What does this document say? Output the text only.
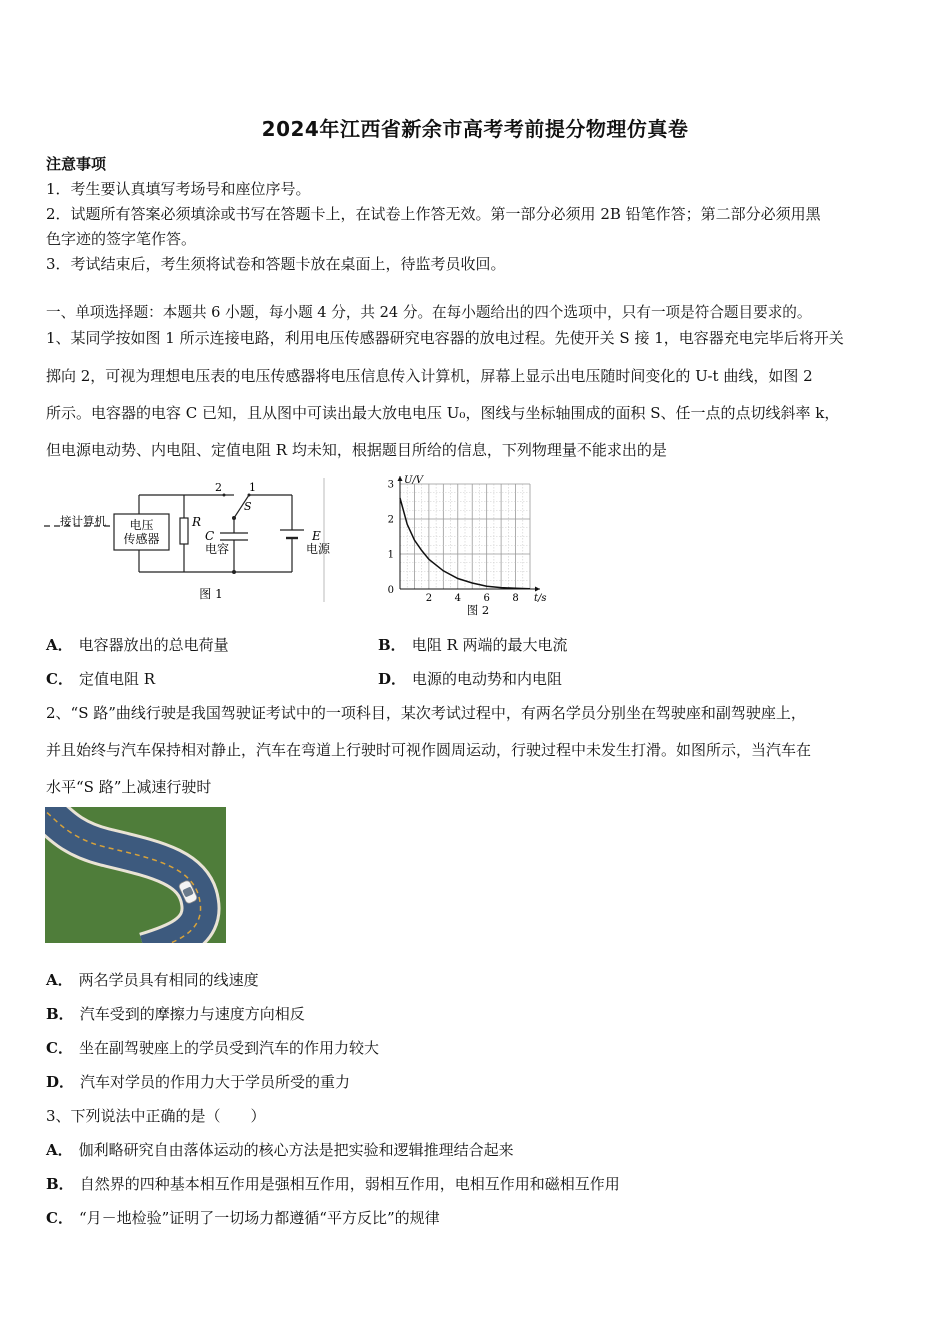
2024年江西省新余市高考考前提分物理仿真卷
注意事项
1．考生要认真填写考场号和座位序号。
2．试题所有答案必须填涂或书写在答题卡上，在试卷上作答无效。第一部分必须用 2B 铅笔作答；第二部分必须用黑
色字迹的签字笔作答。
3．考试结束后，考生须将试卷和答题卡放在桌面上，待监考员收回。
一、单项选择题：本题共 6 小题，每小题 4 分，共 24 分。在每小题给出的四个选项中，只有一项是符合题目要求的。
1、某同学按如图 1 所示连接电路，利用电压传感器研究电容器的放电过程。先使开关 S 接 1，电容器充电完毕后将开关
掷向 2，可视为理想电压表的电压传感器将电压信息传入计算机，屏幕上显示出电压随时间变化的 U-t 曲线，如图 2
所示。电容器的电容 C 已知，且从图中可读出最大放电电压 U₀，图线与坐标轴围成的面积 S、任一点的点切线斜率 k，
但电源电动势、内电阻、定值电阻 R 均未知，根据题目所给的信息，下列物理量不能求出的是
接计算机 电压
传感器
R
C
电容
E
电源
S
2 1
图 1	2 4 6 8
1
2
3
0
U/V
t/s
图 2
A． 电容器放出的总电荷量	B． 电阻 R 两端的最大电流
C． 定值电阻 R	D． 电源的电动势和内电阻
2、“S 路”曲线行驶是我国驾驶证考试中的一项科目，某次考试过程中，有两名学员分别坐在驾驶座和副驾驶座上，
并且始终与汽车保持相对静止，汽车在弯道上行驶时可视作圆周运动，行驶过程中未发生打滑。如图所示，当汽车在
水平“S 路”上减速行驶时
A． 两名学员具有相同的线速度
B． 汽车受到的摩擦力与速度方向相反
C． 坐在副驾驶座上的学员受到汽车的作用力较大
D． 汽车对学员的作用力大于学员所受的重力
3、下列说法中正确的是（　　）
A． 伽利略研究自由落体运动的核心方法是把实验和逻辑推理结合起来
B． 自然界的四种基本相互作用是强相互作用，弱相互作用，电相互作用和磁相互作用
C． “月－地检验”证明了一切场力都遵循“平方反比”的规律
